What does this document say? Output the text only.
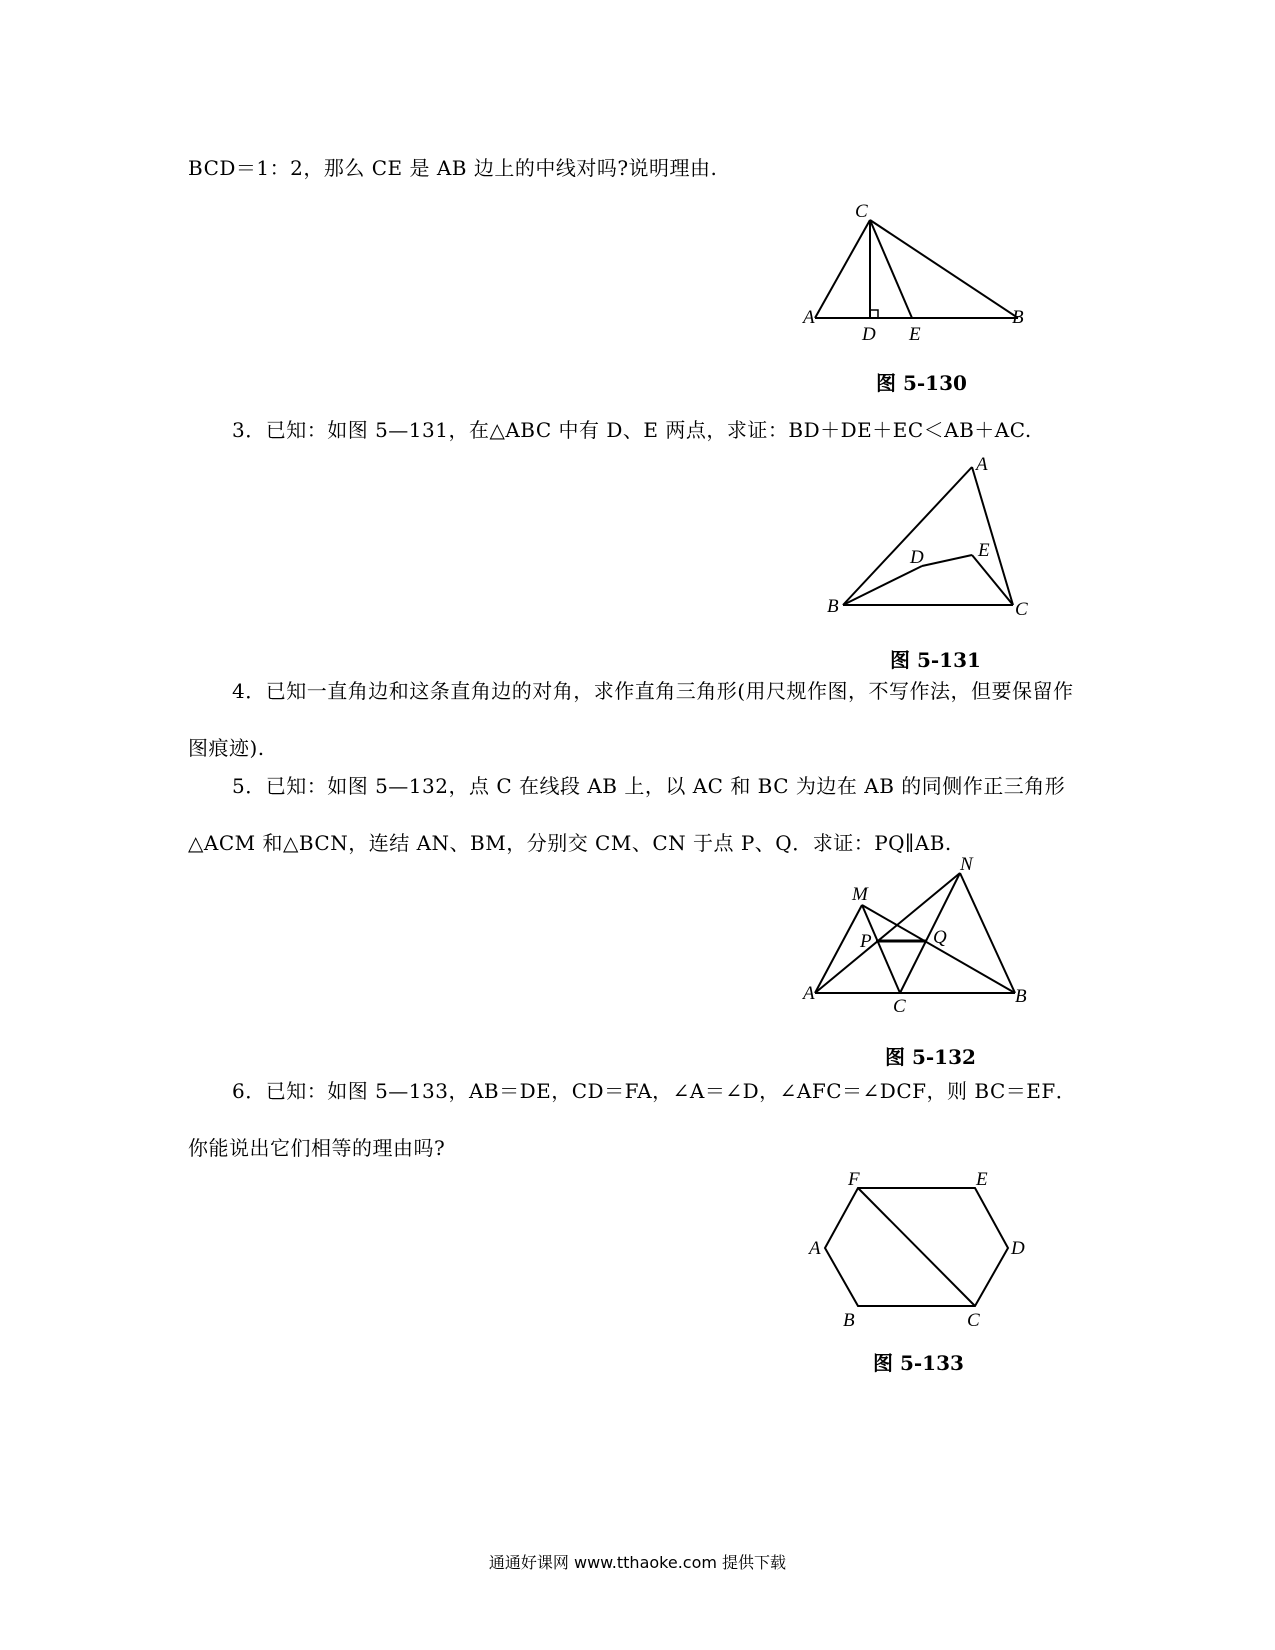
BCD＝1：2，那么 CE 是 AB 边上的中线对吗?说明理由.

C
A	B
D E
图 5-130

3．已知：如图 5—131，在△ABC 中有 D、E 两点，求证：BD＋DE＋EC＜AB＋AC.

A
D	E
B	C
图 5-131

4．已知一直角边和这条直角边的对角，求作直角三角形(用尺规作图，不写作法，但要保留作图痕迹).

5．已知：如图 5—132，点 C 在线段 AB 上，以 AC 和 BC 为边在 AB 的同侧作正三角形△ACM 和△BCN，连结 AN、BM，分别交 CM、CN 于点 P、Q．求证：PQ∥AB.

M
N
P	Q
A
C	B
图 5-132

6．已知：如图 5—133，AB＝DE，CD＝FA，∠A＝∠D，∠AFC＝∠DCF，则 BC＝EF．你能说出它们相等的理由吗?

F	E
D
A
B	C
图 5-133
通通好课网 www.tthaoke.com 提供下载
